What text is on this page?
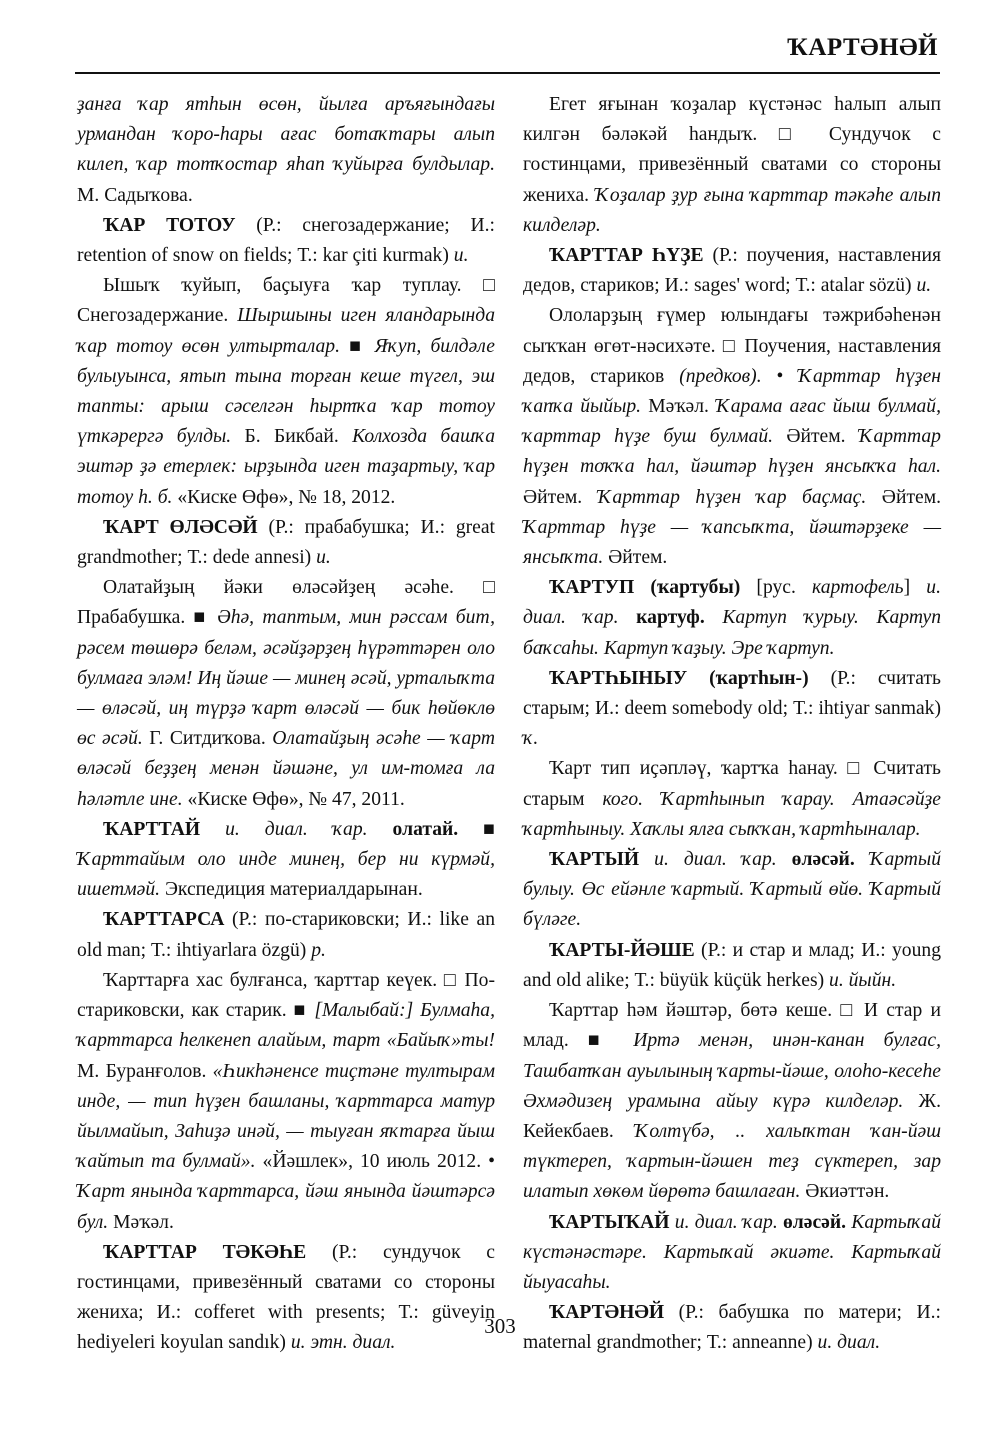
ҠАРТӘНӘЙ

ҙанға ҡар ятһын өсөн, йылға аръяғындағы урмандан ҡоро-һары ағас ботаҡтары алып килеп, ҡар тотҡостар яһап ҡуйырға булдылар. М. Садыҡова.

ҠАР ТОТОУ (Р.: снегозадержание; И.: retention of snow on fields; Т.: kar çiti kurmak) и.

Ышыҡ ҡуйып, баҫыуға ҡар туплау. □ Снегозадержание. Шыршыны иген яландарында ҡар тотоу өсөн ултырталар. ■ Яҡуп, билдәле булыуынса, ятып тына торған кеше түгел, эш тапты: арыш сәселгән һыртҡа ҡар тотоу үткәрергә булды. Б. Бикбай. Колхозда башҡа эштәр ҙә етерлек: ырҙында иген таҙартыу, ҡар тотоу һ. б. «Киске Өфө», № 18, 2012.

ҠАРТ ӨЛӘСӘЙ (Р.: прабабушка; И.: great grandmother; Т.: dede annesi) и.

Олатайҙың йәки өләсәйҙең әсәһе. □ Прабабушка. ■ Әһә, таптым, мин рәссам бит, рәсем төшөрә беләм, әсәйҙәрҙең һүрәттәрен оло булмаға эләм! Иң йәше — минең әсәй, урталыҡта — өләсәй, иң түрҙә ҡарт өләсәй — бик һөйөклө өс әсәй. Г. Ситдиҡова. Олатайҙың әсәһе — ҡарт өләсәй беҙҙең менән йәшәне, ул им-томға ла һәләтле ине. «Киске Өфө», № 47, 2011.

ҠАРТТАЙ и. диал. ҡар. олатай. ■ Ҡарттайым оло инде минең, бер ни күрмәй, ишетмәй. Экспедиция материалдарынан.

ҠАРТТАРСА (Р.: по-стариковски; И.: like an old man; Т.: ihtiyarlara özgü) р.

Ҡарттарға хас булғанса, ҡарттар кеүек. □ По-стариковски, как старик. ■ [Малыбай:] Булмаһа, ҡарттарса һелкенеп алайым, тарт «Байыҡ»ты! М. Буранғолов. «Һикһәненсе тиҫтәне тултырам инде, — тип һүҙен башланы, ҡарттарса матур йылмайып, Заһиҙә инәй, — тыуған яҡтарға йыш ҡайтып та булмай». «Йәшлек», 10 июль 2012. • Ҡарт янында ҡарттарса, йәш янында йәштәрсә бул. Мәҡәл.

ҠАРТТАР ТӘКӘҺЕ (Р.: сундучок с гостинцами, привезённый сватами со стороны жениха; И.: cofferet with presents; Т.: güveyin hediyeleri koyulan sandık) и. этн. диал.

Егет яғынан ҡоҙалар күстәнәс һалып алып килгән бәләкәй һандыҡ. □ Сундучок с гостинцами, привезённый сватами со стороны жениха. Ҡоҙалар ҙур ғына ҡарттар тәкәһе алып килделәр.

ҠАРТТАР ҺҮҘЕ (Р.: поучения, наставления дедов, стариков; И.: sages' word; Т.: atalar sözü) и.

Ололарҙың ғүмер юлындағы тәжрибәһенән сыҡҡан өгөт-нәсихәте. □ Поучения, наставления дедов, стариков (предков). • Ҡарттар һүҙен ҡапҡа йыйыр. Мәҡәл. Ҡарама ағас йыш булмай, ҡарттар һүҙе буш булмай. Әйтем. Ҡарттар һүҙен тоҡҡа һал, йәштәр һүҙен янсыҡҡа һал. Әйтем. Ҡарттар һүҙен ҡар баҫмаҫ. Әйтем. Ҡарттар һүҙе — ҡапсыҡта, йәштәрҙеке — янсыҡта. Әйтем.

ҠАРТУП (ҡартубы) [рус. картофель] и. диал. ҡар. картуф. Картуп ҡурыу. Картуп баҡсаһы. Картуп ҡаҙыу. Эре ҡартуп.

ҠАРТҺЫНЫУ (ҡартһын-) (Р.: считать старым; И.: deem somebody old; Т.: ihtiyar sanmak) ҡ.

Ҡарт тип иҫәпләү, ҡартҡа һанау. □ Считать старым кого. Ҡартһынып ҡарау. Атаәсәйҙе ҡартһыныу. Хаҡлы ялға сыҡҡан, ҡартһыналар.

ҠАРТЫЙ и. диал. ҡар. өләсәй. Ҡартый булыу. Өс ейәнле ҡартый. Ҡартый өйө. Ҡартый бүләге.

ҠАРТЫ-ЙӘШЕ (Р.: и стар и млад; И.: young and old alike; Т.: büyük küçük herkes) и. йыйн.

Ҡарттар һәм йәштәр, бөтә кеше. □ И стар и млад. ■ Иртә менән, инән-канан булғас, Ташбатҡан ауылының ҡарты-йәше, олоһо-кесеһе Әхмәдизең урамына айыу күрә килделәр. Ж. Кейекбаев. Ҡолтүбә, .. халыҡтан ҡан-йәш түктереп, ҡартын-йәшен теҙ сүктереп, зар илатып хөкөм йөрөтә башлаған. Әкиәттән.

ҠАРТЫҠАЙ и. диал. ҡар. өләсәй. Картыҡай күстәнәстәре. Картыҡай әкиәте. Картыҡай йыуасаһы.

ҠАРТӘНӘЙ (Р.: бабушка по матери; И.: maternal grandmother; Т.: anneanne) и. диал.

303
